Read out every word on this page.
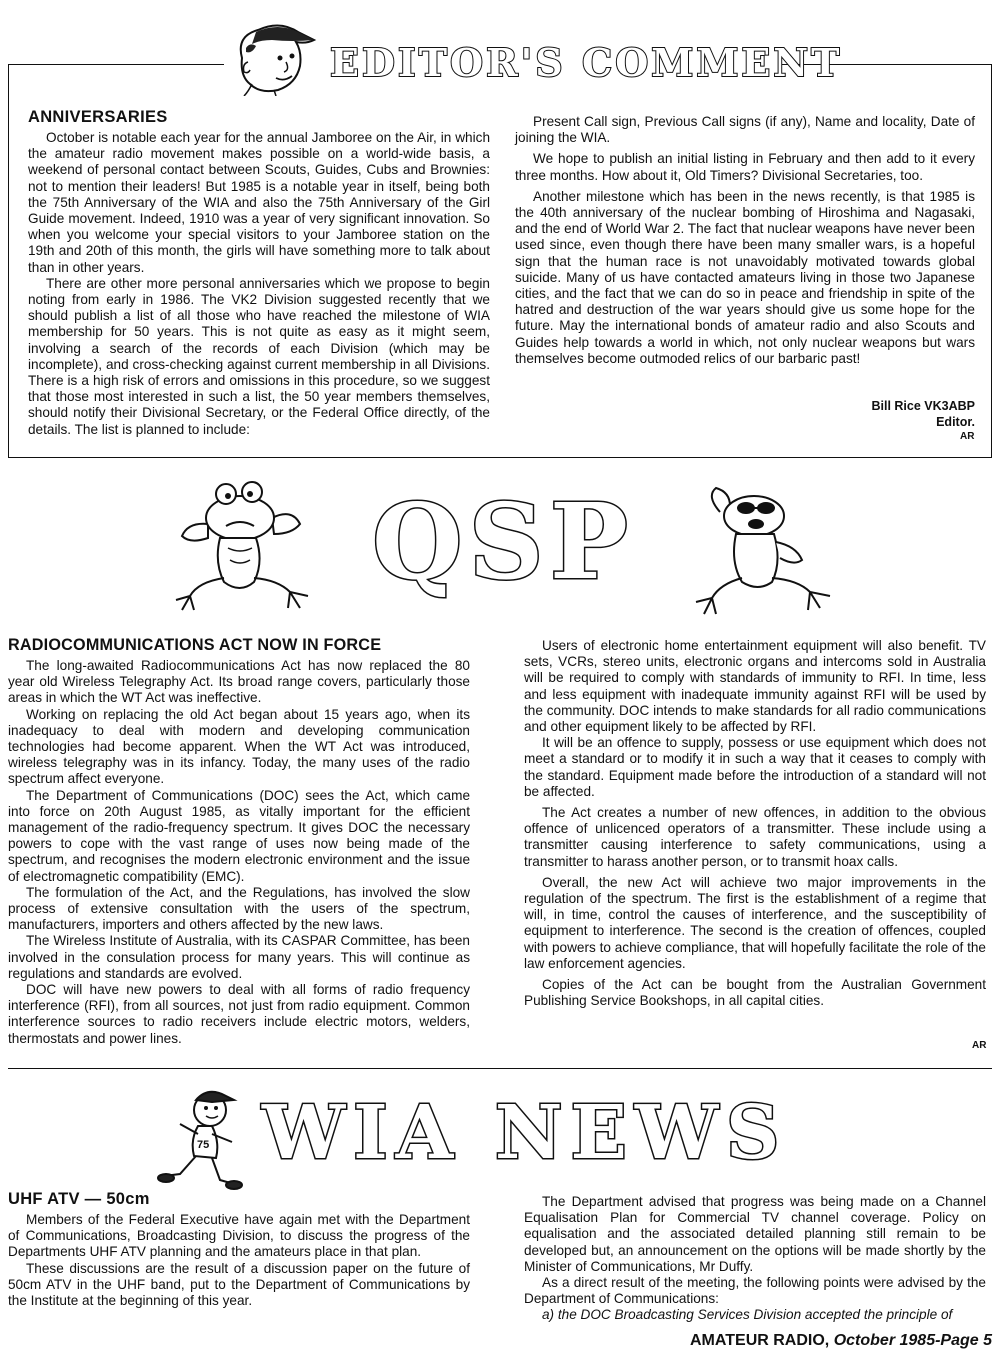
EDITOR'S COMMENT

ANNIVERSARIES

October is notable each year for the annual Jamboree on the Air, in which the amateur radio movement makes possible on a world-wide basis, a weekend of personal contact between Scouts, Guides, Cubs and Brownies: not to mention their leaders! But 1985 is a notable year in itself, being both the 75th Anniversary of the WIA and also the 75th Anniversary of the Girl Guide movement. Indeed, 1910 was a year of very significant innovation. So when you welcome your special visitors to your Jamboree station on the 19th and 20th of this month, the girls will have something more to talk about than in other years.

There are other more personal anniversaries which we propose to begin noting from early in 1986. The VK2 Division suggested recently that we should publish a list of all those who have reached the milestone of WIA membership for 50 years. This is not quite as easy as it might seem, involving a search of the records of each Division (which may be incomplete), and cross-checking against current membership in all Divisions. There is a high risk of errors and omissions in this procedure, so we suggest that those most interested in such a list, the 50 year members themselves, should notify their Divisional Secretary, or the Federal Office directly, of the details. The list is planned to include:

Present Call sign, Previous Call signs (if any), Name and locality, Date of joining the WIA.

We hope to publish an initial listing in February and then add to it every three months. How about it, Old Timers? Divisional Secretaries, too.

Another milestone which has been in the news recently, is that 1985 is the 40th anniversary of the nuclear bombing of Hiroshima and Nagasaki, and the end of World War 2. The fact that nuclear weapons have never been used since, even though there have been many smaller wars, is a hopeful sign that the human race is not unavoidably motivated towards global suicide. Many of us have contacted amateurs living in those two Japanese cities, and the fact that we can do so in peace and friendship in spite of the hatred and destruction of the war years should give us some hope for the future. May the international bonds of amateur radio and also Scouts and Guides help towards a world in which, not only nuclear weapons but wars themselves become outmoded relics of our barbaric past!

Bill Rice VK3ABP
Editor.
AR
QSP

RADIOCOMMUNICATIONS ACT NOW IN FORCE

The long-awaited Radiocommunications Act has now replaced the 80 year old Wireless Telegraphy Act. Its broad range covers, particularly those areas in which the WT Act was ineffective.

Working on replacing the old Act began about 15 years ago, when its inadequacy to deal with modern and developing communication technologies had become apparent. When the WT Act was introduced, wireless telegraphy was in its infancy. Today, the many uses of the radio spectrum affect everyone.

The Department of Communications (DOC) sees the Act, which came into force on 20th August 1985, as vitally important for the efficient management of the radio-frequency spectrum. It gives DOC the necessary powers to cope with the vast range of uses now being made of the spectrum, and recognises the modern electronic environment and the issue of electromagnetic compatibility (EMC).

The formulation of the Act, and the Regulations, has involved the slow process of extensive consultation with the users of the spectrum, manufacturers, importers and others affected by the new laws.

The Wireless Institute of Australia, with its CASPAR Committee, has been involved in the consulation process for many years. This will continue as regulations and standards are evolved.

DOC will have new powers to deal with all forms of radio frequency interference (RFI), from all sources, not just from radio equipment. Common interference sources to radio receivers include electric motors, welders, thermostats and power lines.

Users of electronic home entertainment equipment will also benefit. TV sets, VCRs, stereo units, electronic organs and intercoms sold in Australia will be required to comply with standards of immunity to RFI. In time, less and less equipment with inadequate immunity against RFI will be used by the community. DOC intends to make standards for all radio communications and other equipment likely to be affected by RFI.

It will be an offence to supply, possess or use equipment which does not meet a standard or to modify it in such a way that it ceases to comply with the standard. Equipment made before the introduction of a standard will not be affected.

The Act creates a number of new offences, in addition to the obvious offence of unlicenced operators of a transmitter. These include using a transmitter causing interference to safety communications, using a transmitter to harass another person, or to transmit hoax calls.

Overall, the new Act will achieve two major improvements in the regulation of the spectrum. The first is the establishment of a regime that will, in time, control the causes of interference, and the susceptibility of equipment to interference. The second is the creation of offences, coupled with powers to achieve compliance, that will hopefully facilitate the role of the law enforcement agencies.

Copies of the Act can be bought from the Australian Government Publishing Service Bookshops, in all capital cities.

AR
75 WIA NEWS

UHF ATV — 50cm

Members of the Federal Executive have again met with the Department of Communications, Broadcasting Division, to discuss the progress of the Departments UHF ATV planning and the amateurs place in that plan.

These discussions are the result of a discussion paper on the future of 50cm ATV in the UHF band, put to the Department of Communications by the Institute at the beginning of this year.

The Department advised that progress was being made on a Channel Equalisation Plan for Commercial TV channel coverage. Policy on equalisation and the associated detailed planning still remain to be developed but, an announcement on the options will be made shortly by the Minister of Communications, Mr Duffy.

As a direct result of the meeting, the following points were advised by the Department of Communications:

a) the DOC Broadcasting Services Division accepted the principle of

AMATEUR RADIO, October 1985-Page 5
